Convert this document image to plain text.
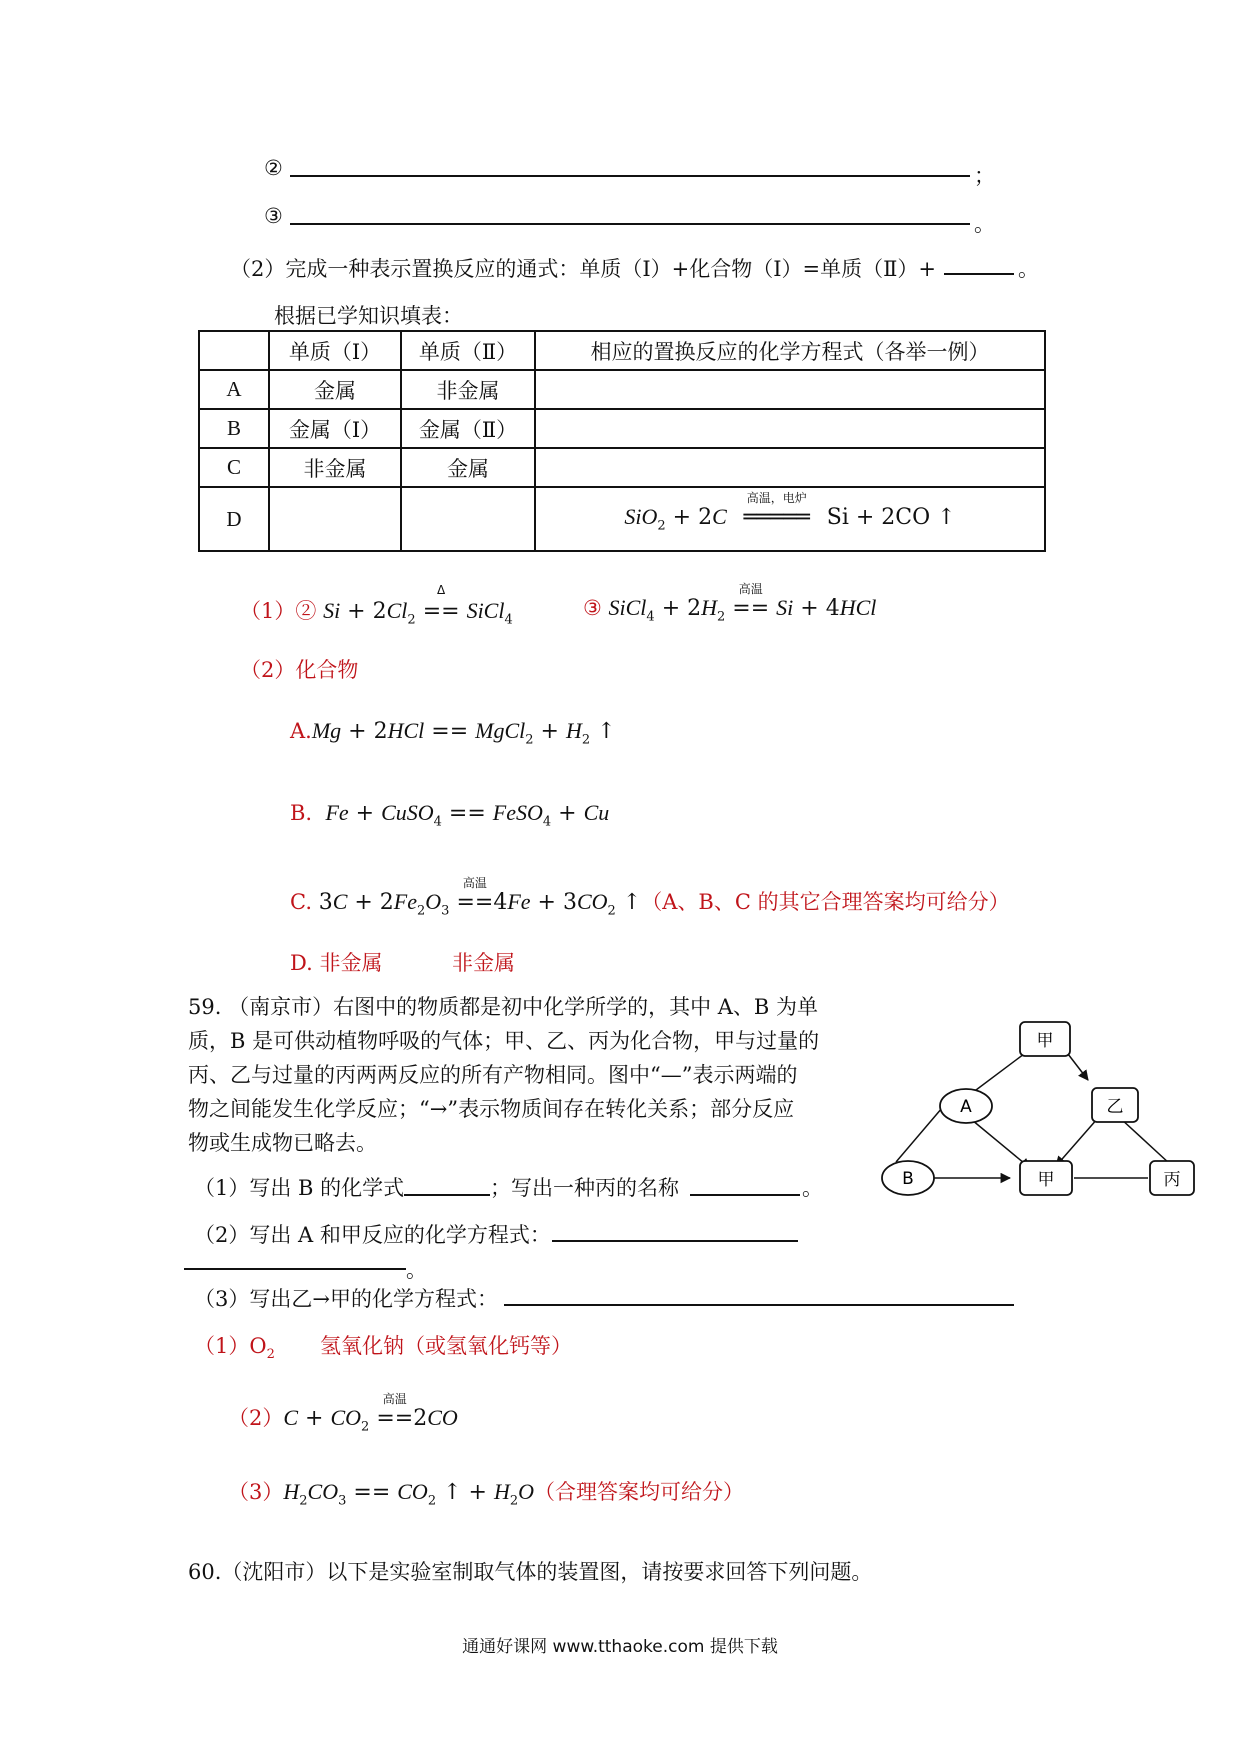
②	；
③	。
（2）完成一种表示置换反应的通式：单质（Ⅰ）+化合物（Ⅰ）=单质（Ⅱ）+	。
根据已学知识填表：
	单质（Ⅰ）	单质（Ⅱ）	相应的置换反应的化学方程式（各举一例）
A	金属	非金属	
B	金属（Ⅰ）	金属（Ⅱ）	
C	非金属	金属	
D			SiO$_2$ + 2C
高温，电炉
═════ Si + 2CO ↑
（1）② $Si + 2Cl_2$
Δ
== SiCl$_4$	③ SiCl$_4$ + $2H_2$
高温
== Si + 4HCl
（2）化合物
A.Mg + 2HCl == MgCl$_2$ + $H_2$ ↑
B. Fe + CuSO$_4$ == FeSO$_4$ + Cu
C. $3C + 2Fe_2O_3$
高温
$==4Fe + 3CO_2$ ↑（A、B、C 的其它合理答案均可给分）
D. 非金属	非金属
59. （南京市）右图中的物质都是初中化学所学的，其中 A、B 为单
质，B 是可供动植物呼吸的气体；甲、乙、丙为化合物，甲与过量的
丙、乙与过量的丙两两反应的所有产物相同。图中“—”表示两端的
物之间能发生化学反应；“→”表示物质间存在转化关系；部分反应
物或生成物已略去。
（1）写出 B 的化学式	；写出一种丙的名称	。
（2）写出 A 和甲反应的化学方程式：
。
（3）写出乙→甲的化学方程式：
甲
A	乙
B	甲	丙
$(1)O_2$ 氢氧化钠（或氢氧化钙等）
$(2)C + CO_2$
高温
==2CO
$(3)H_2CO_3 == CO_2$ ↑ + $H_2O$（合理答案均可给分）
60.（沈阳市）以下是实验室制取气体的装置图，请按要求回答下列问题。
通通好课网 www.tthaoke.com 提供下载
